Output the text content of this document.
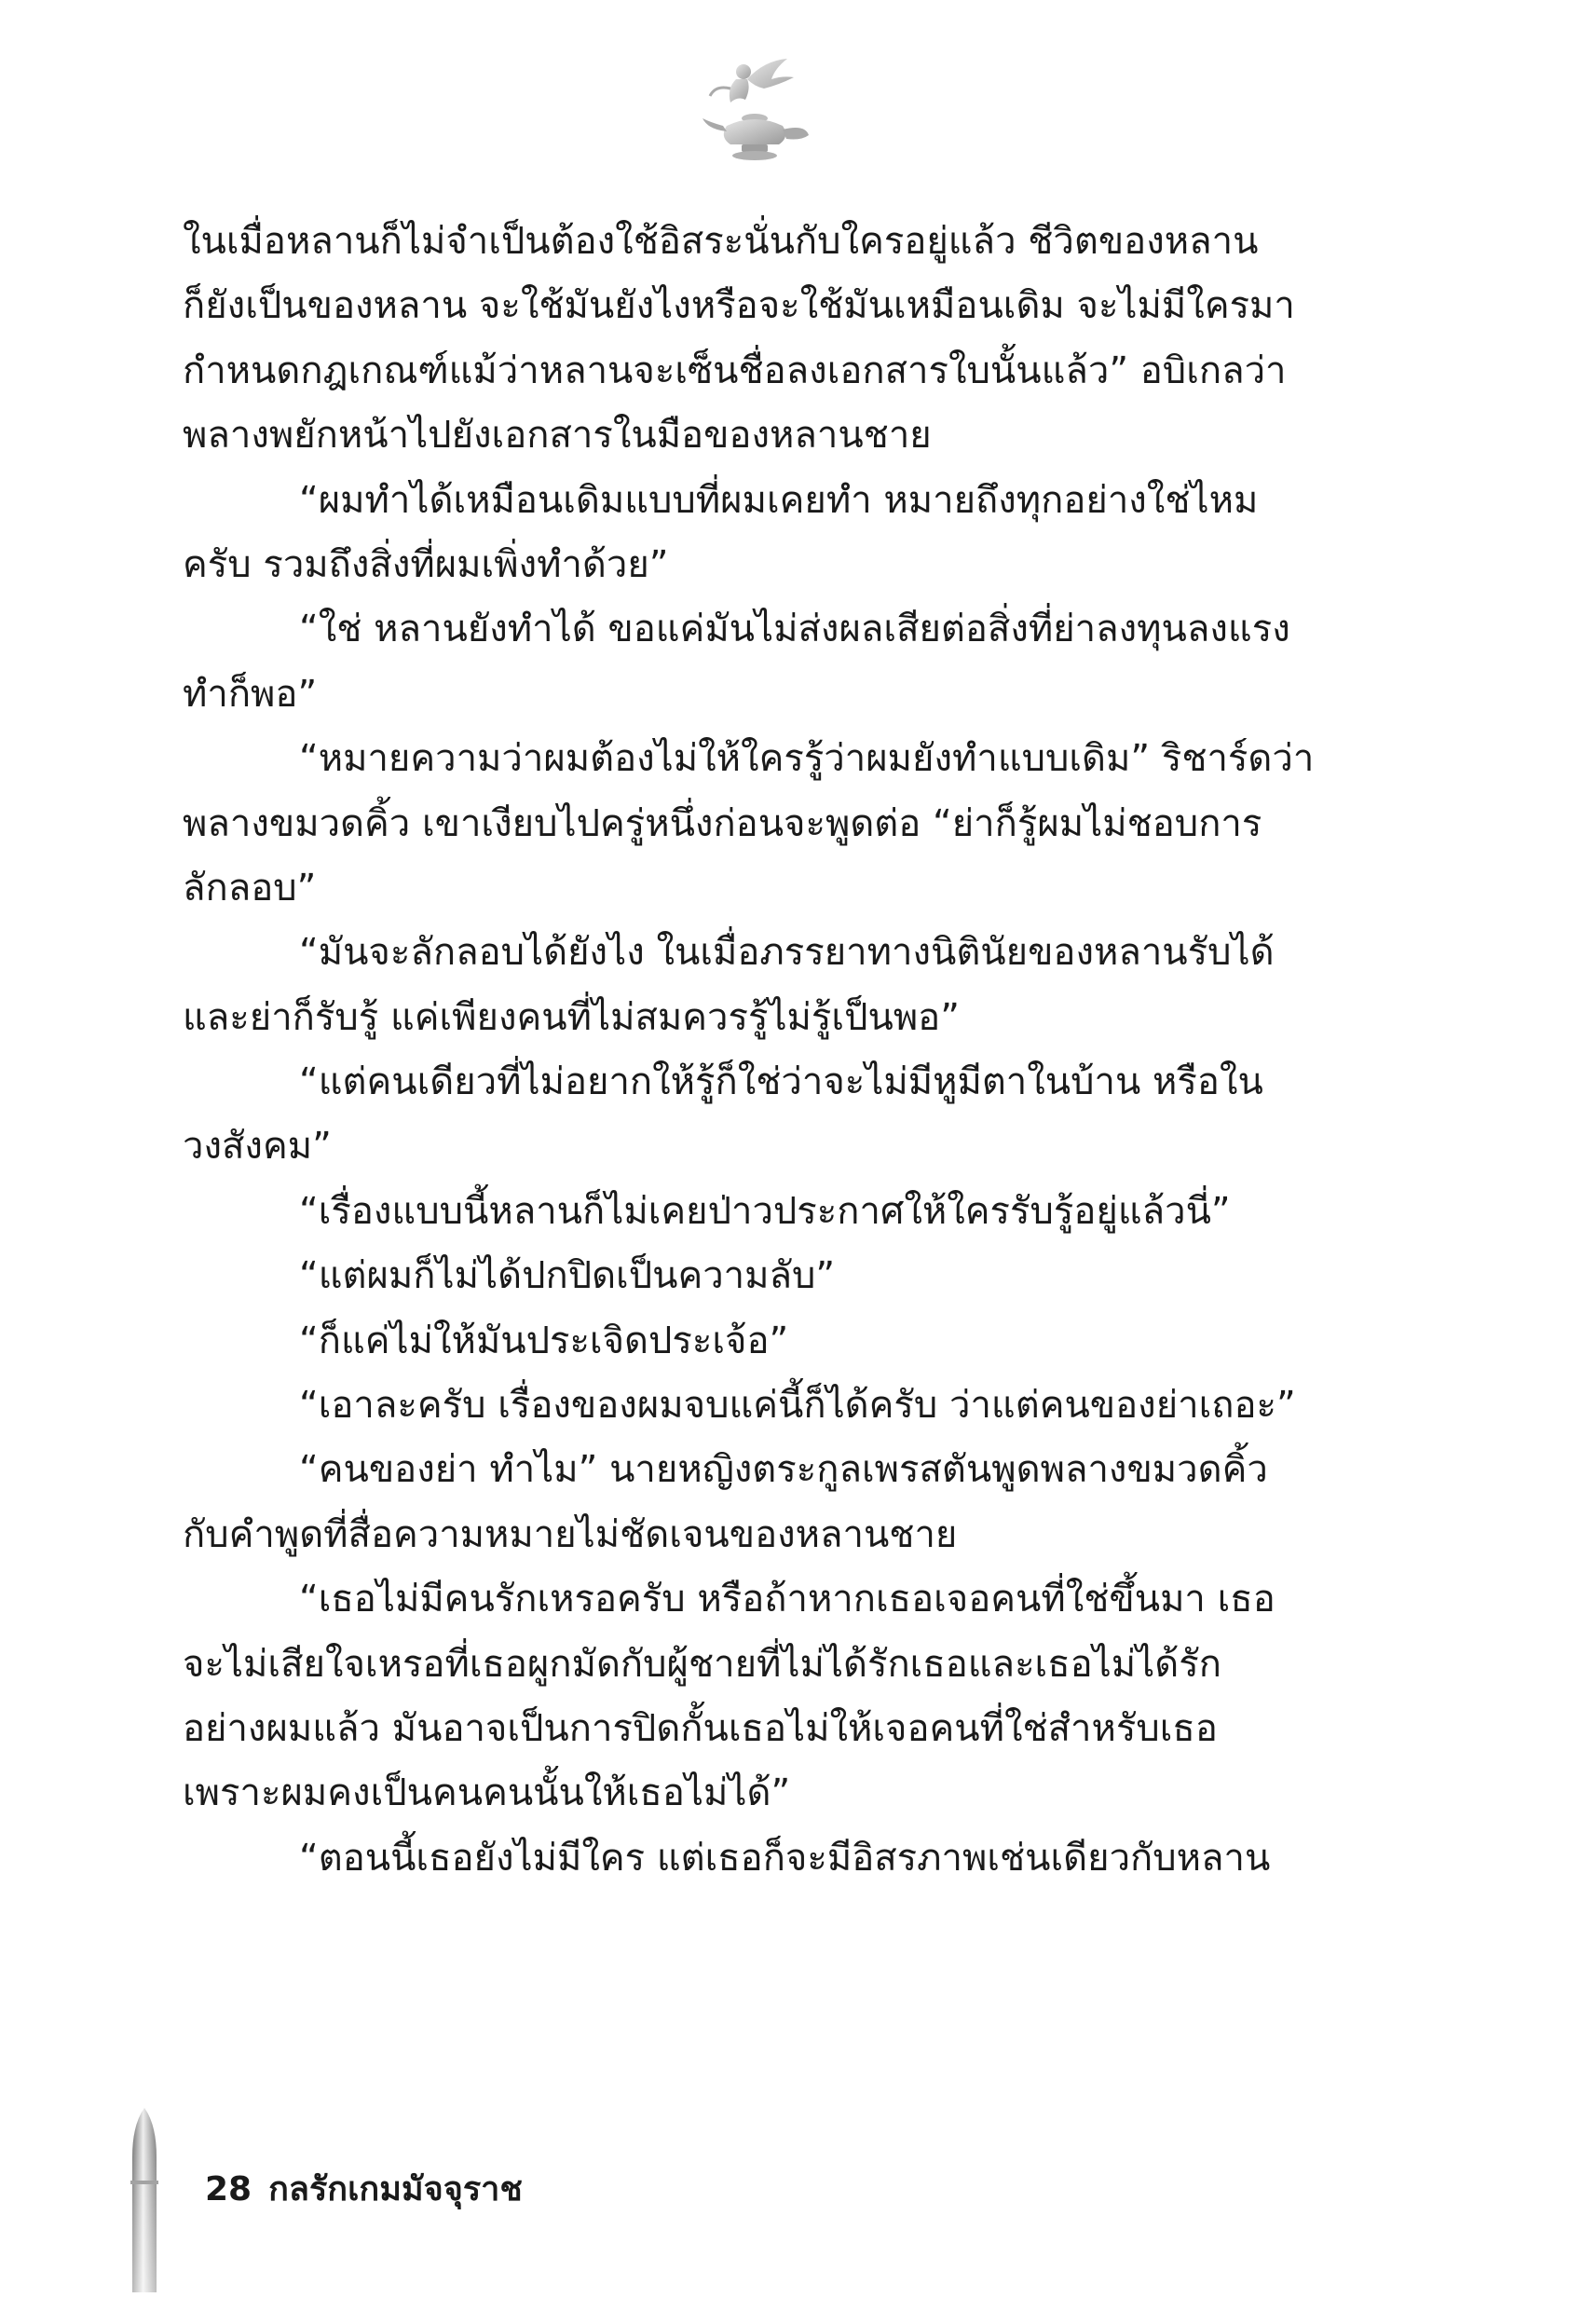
ในเมื่อหลานก็ไม่จำเป็นต้องใช้อิสระนั่นกับใครอยู่แล้ว ชีวิตของหลาน
ก็ยังเป็นของหลาน จะใช้มันยังไงหรือจะใช้มันเหมือนเดิม จะไม่มีใครมา
กำหนดกฎเกณฑ์แม้ว่าหลานจะเซ็นชื่อลงเอกสารใบนั้นแล้ว” อบิเกลว่า
พลางพยักหน้าไปยังเอกสารในมือของหลานชาย
“ผมทำได้เหมือนเดิมแบบที่ผมเคยทำ หมายถึงทุกอย่างใช่ไหม
ครับ รวมถึงสิ่งที่ผมเพิ่งทำด้วย”
“ใช่ หลานยังทำได้ ขอแค่มันไม่ส่งผลเสียต่อสิ่งที่ย่าลงทุนลงแรง
ทำก็พอ”
“หมายความว่าผมต้องไม่ให้ใครรู้ว่าผมยังทำแบบเดิม” ริชาร์ดว่า
พลางขมวดคิ้ว เขาเงียบไปครู่หนึ่งก่อนจะพูดต่อ “ย่าก็รู้ผมไม่ชอบการ
ลักลอบ”
“มันจะลักลอบได้ยังไง ในเมื่อภรรยาทางนิตินัยของหลานรับได้
และย่าก็รับรู้ แค่เพียงคนที่ไม่สมควรรู้ไม่รู้เป็นพอ”
“แต่คนเดียวที่ไม่อยากให้รู้ก็ใช่ว่าจะไม่มีหูมีตาในบ้าน หรือใน
วงสังคม”
“เรื่องแบบนี้หลานก็ไม่เคยป่าวประกาศให้ใครรับรู้อยู่แล้วนี่”
“แต่ผมก็ไม่ได้ปกปิดเป็นความลับ”
“ก็แค่ไม่ให้มันประเจิดประเจ้อ”
“เอาละครับ เรื่องของผมจบแค่นี้ก็ได้ครับ ว่าแต่คนของย่าเถอะ”
“คนของย่า ทำไม” นายหญิงตระกูลเพรสตันพูดพลางขมวดคิ้ว
กับคำพูดที่สื่อความหมายไม่ชัดเจนของหลานชาย
“เธอไม่มีคนรักเหรอครับ หรือถ้าหากเธอเจอคนที่ใช่ขึ้นมา เธอ
จะไม่เสียใจเหรอที่เธอผูกมัดกับผู้ชายที่ไม่ได้รักเธอและเธอไม่ได้รัก
อย่างผมแล้ว มันอาจเป็นการปิดกั้นเธอไม่ให้เจอคนที่ใช่สำหรับเธอ
เพราะผมคงเป็นคนคนนั้นให้เธอไม่ได้”
“ตอนนี้เธอยังไม่มีใคร แต่เธอก็จะมีอิสรภาพเช่นเดียวกับหลาน
28 กลรักเกมมัจจุราช
